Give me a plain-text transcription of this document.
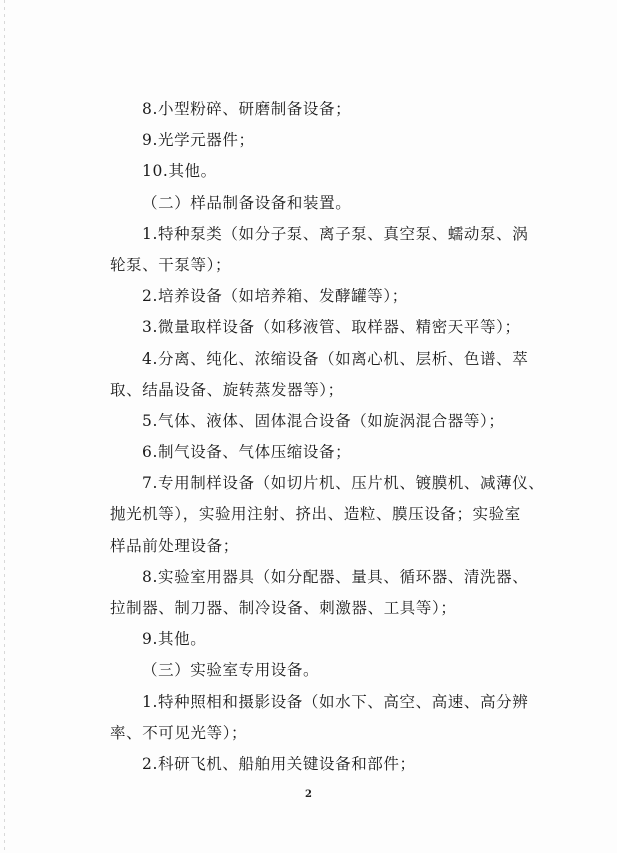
8.小型粉碎、研磨制备设备；
9.光学元器件；
10.其他。
（二）样品制备设备和装置。
1.特种泵类（如分子泵、离子泵、真空泵、蠕动泵、涡
轮泵、干泵等）；
2.培养设备（如培养箱、发酵罐等）；
3.微量取样设备（如移液管、取样器、精密天平等）；
4.分离、纯化、浓缩设备（如离心机、层析、色谱、萃
取、结晶设备、旋转蒸发器等）；
5.气体、液体、固体混合设备（如旋涡混合器等）；
6.制气设备、气体压缩设备；
7.专用制样设备（如切片机、压片机、镀膜机、减薄仪、
抛光机等），实验用注射、挤出、造粒、膜压设备；实验室
样品前处理设备；
8.实验室用器具（如分配器、量具、循环器、清洗器、
拉制器、制刀器、制冷设备、刺激器、工具等）；
9.其他。
（三）实验室专用设备。
1.特种照相和摄影设备（如水下、高空、高速、高分辨
率、不可见光等）；
2.科研飞机、船舶用关键设备和部件；
2
